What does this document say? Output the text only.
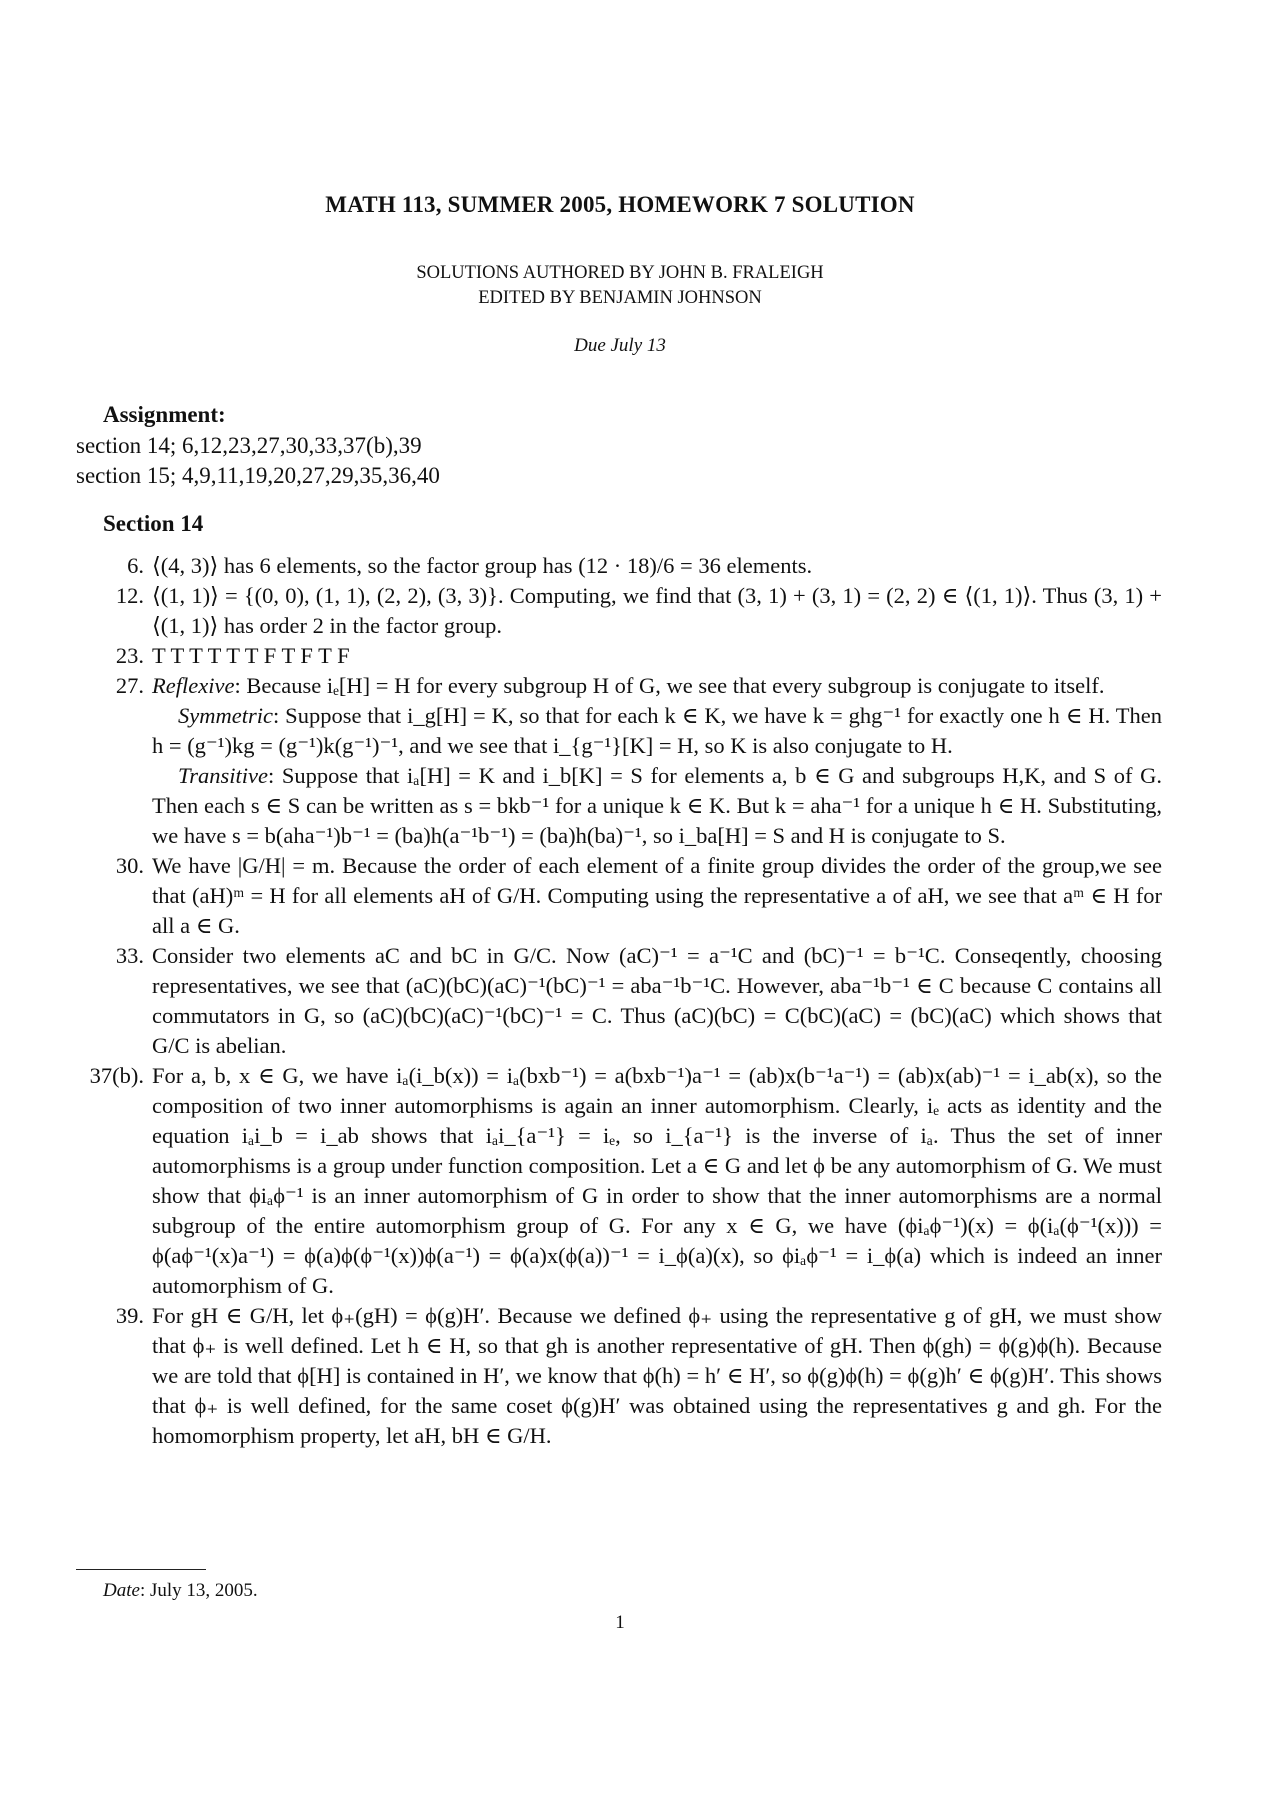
MATH 113, SUMMER 2005, HOMEWORK 7 SOLUTION
SOLUTIONS AUTHORED BY JOHN B. FRALEIGH
EDITED BY BENJAMIN JOHNSON
Due July 13
Assignment:
section 14; 6,12,23,27,30,33,37(b),39
section 15; 4,9,11,19,20,27,29,35,36,40
Section 14
6. ⟨(4, 3)⟩ has 6 elements, so the factor group has (12 · 18)/6 = 36 elements.
12. ⟨(1, 1)⟩ = {(0, 0), (1, 1), (2, 2), (3, 3)}. Computing, we find that (3, 1) + (3, 1) = (2, 2) ∈ ⟨(1, 1)⟩. Thus (3, 1) + ⟨(1, 1)⟩ has order 2 in the factor group.
23. T T T T T T F T F T F
27. Reflexive: Because iₑ[H] = H for every subgroup H of G, we see that every subgroup is conjugate to itself.

Symmetric: Suppose that i_g[H] = K, so that for each k ∈ K, we have k = ghg⁻¹ for exactly one h ∈ H. Then h = (g⁻¹)kg = (g⁻¹)k(g⁻¹)⁻¹, and we see that i_{g⁻¹}[K] = H, so K is also conjugate to H.

Transitive: Suppose that iₐ[H] = K and i_b[K] = S for elements a, b ∈ G and subgroups H,K, and S of G. Then each s ∈ S can be written as s = bkb⁻¹ for a unique k ∈ K. But k = aha⁻¹ for a unique h ∈ H. Substituting, we have s = b(aha⁻¹)b⁻¹ = (ba)h(a⁻¹b⁻¹) = (ba)h(ba)⁻¹, so i_ba[H] = S and H is conjugate to S.

30. We have |G/H| = m. Because the order of each element of a finite group divides the order of the group,we see that (aH)ᵐ = H for all elements aH of G/H. Computing using the representative a of aH, we see that aᵐ ∈ H for all a ∈ G.
33. Consider two elements aC and bC in G/C. Now (aC)⁻¹ = a⁻¹C and (bC)⁻¹ = b⁻¹C. Conseqently, choosing representatives, we see that (aC)(bC)(aC)⁻¹(bC)⁻¹ = aba⁻¹b⁻¹C. However, aba⁻¹b⁻¹ ∈ C because C contains all commutators in G, so (aC)(bC)(aC)⁻¹(bC)⁻¹ = C. Thus (aC)(bC) = C(bC)(aC) = (bC)(aC) which shows that G/C is abelian.
37(b). For a, b, x ∈ G, we have iₐ(i_b(x)) = iₐ(bxb⁻¹) = a(bxb⁻¹)a⁻¹ = (ab)x(b⁻¹a⁻¹) = (ab)x(ab)⁻¹ = i_ab(x), so the composition of two inner automorphisms is again an inner automorphism. Clearly, iₑ acts as identity and the equation iₐi_b = i_ab shows that iₐi_{a⁻¹} = iₑ, so i_{a⁻¹} is the inverse of iₐ. Thus the set of inner automorphisms is a group under function composition. Let a ∈ G and let ϕ be any automorphism of G. We must show that ϕiₐϕ⁻¹ is an inner automorphism of G in order to show that the inner automorphisms are a normal subgroup of the entire automorphism group of G. For any x ∈ G, we have (ϕiₐϕ⁻¹)(x) = ϕ(iₐ(ϕ⁻¹(x))) = ϕ(aϕ⁻¹(x)a⁻¹) = ϕ(a)ϕ(ϕ⁻¹(x))ϕ(a⁻¹) = ϕ(a)x(ϕ(a))⁻¹ = i_ϕ(a)(x), so ϕiₐϕ⁻¹ = i_ϕ(a) which is indeed an inner automorphism of G.
39. For gH ∈ G/H, let ϕ₊(gH) = ϕ(g)H′. Because we defined ϕ₊ using the representative g of gH, we must show that ϕ₊ is well defined. Let h ∈ H, so that gh is another representative of gH. Then ϕ(gh) = ϕ(g)ϕ(h). Because we are told that ϕ[H] is contained in H′, we know that ϕ(h) = h′ ∈ H′, so ϕ(g)ϕ(h) = ϕ(g)h′ ∈ ϕ(g)H′. This shows that ϕ₊ is well defined, for the same coset ϕ(g)H′ was obtained using the representatives g and gh. For the homomorphism property, let aH, bH ∈ G/H.
Date: July 13, 2005.
1
